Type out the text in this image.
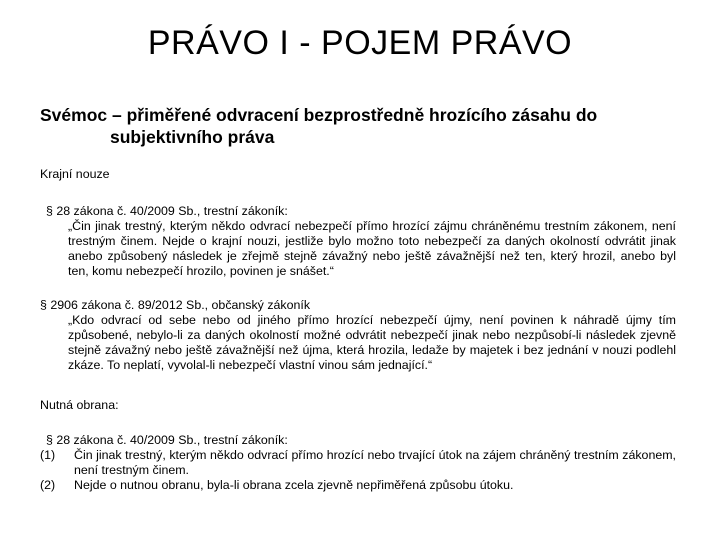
PRÁVO I - POJEM PRÁVO
Svémoc – přiměřené odvracení bezprostředně hrozícího zásahu do
subjektivního práva
Krajní nouze
§ 28 zákona č. 40/2009 Sb., trestní zákoník:
„Čin jinak trestný, kterým někdo odvrací nebezpečí přímo hrozící zájmu chráněnému trestním zákonem, není trestným činem. Nejde o krajní nouzi, jestliže bylo možno toto nebezpečí za daných okolností odvrátit jinak anebo způsobený následek je zřejmě stejně závažný nebo ještě závažnější než ten, který hrozil, anebo byl ten, komu nebezpečí hrozilo, povinen je snášet.“
§ 2906 zákona č. 89/2012 Sb., občanský zákoník
„Kdo odvrací od sebe nebo od jiného přímo hrozící nebezpečí újmy, není povinen k náhradě újmy tím způsobené, nebylo-li za daných okolností možné odvrátit nebezpečí jinak nebo nezpůsobí-li následek zjevně stejně závažný nebo ještě závažnější než újma, která hrozila, ledaže by majetek i bez jednání v nouzi podlehl zkáze. To neplatí, vyvolal-li nebezpečí vlastní vinou sám jednající.“
Nutná obrana:
§ 28 zákona č. 40/2009 Sb., trestní zákoník:
(1)	Čin jinak trestný, kterým někdo odvrací přímo hrozící nebo trvající útok na zájem chráněný trestním zákonem, není trestným činem.
(2)	Nejde o nutnou obranu, byla-li obrana zcela zjevně nepřiměřená způsobu útoku.
